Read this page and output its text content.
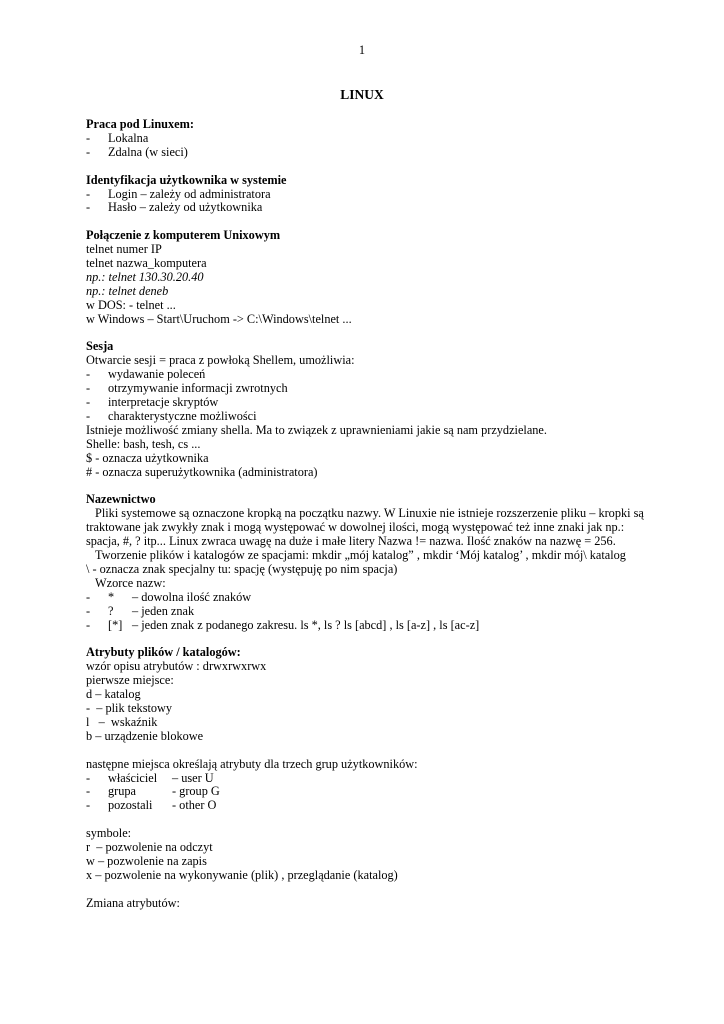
1
LINUX

Praca pod Linuxem:

- Lokalna

- Zdalna (w sieci)

Identyfikacja użytkownika w systemie

- Login – zależy od administratora

- Hasło – zależy od użytkownika

Połączenie z komputerem Unixowym

telnet numer IP

telnet nazwa_komputera

np.: telnet 130.30.20.40

np.: telnet deneb

w DOS: - telnet ...

w Windows – Start\Uruchom -> C:\Windows\telnet ...

Sesja

Otwarcie sesji = praca z powłoką Shellem, umożliwia:

- wydawanie poleceń

- otrzymywanie informacji zwrotnych

- interpretacje skryptów

- charakterystyczne możliwości

Istnieje możliwość zmiany shella. Ma to związek z uprawnieniami jakie są nam przydzielane.

Shelle: bash, tesh, cs ...

$ - oznacza użytkownika

# - oznacza superużytkownika (administratora)

Nazewnictwo

Pliki systemowe są oznaczone kropką na początku nazwy. W Linuxie nie istnieje rozszerzenie pliku – kropki są traktowane jak zwykły znak i mogą występować w dowolnej ilości, mogą występować też inne znaki jak np.: spacja, #, ? itp... Linux zwraca uwagę na duże i małe litery Nazwa != nazwa. Ilość znaków na nazwę = 256.

Tworzenie plików i katalogów ze spacjami: mkdir „mój katalog” , mkdir ‘Mój katalog’ , mkdir mój\ katalog

\ - oznacza znak specjalny tu: spację (występuję po nim spacja)

Wzorce nazw:

- * – dowolna ilość znaków

- ? – jeden znak

- [*] – jeden znak z podanego zakresu. ls *, ls ? ls [abcd] , ls [a-z] , ls [ac-z]

Atrybuty plików / katalogów:

wzór opisu atrybutów : drwxrwxrwx

pierwsze miejsce:

d – katalog

-  – plik tekstowy

l   –  wskaźnik

b – urządzenie blokowe

następne miejsca określają atrybuty dla trzech grup użytkowników:

- właściciel – user U

- grupa	- group G

- pozostali - other O

symbole:

r  – pozwolenie na odczyt

w – pozwolenie na zapis

x – pozwolenie na wykonywanie (plik) , przeglądanie (katalog)

Zmiana atrybutów:
